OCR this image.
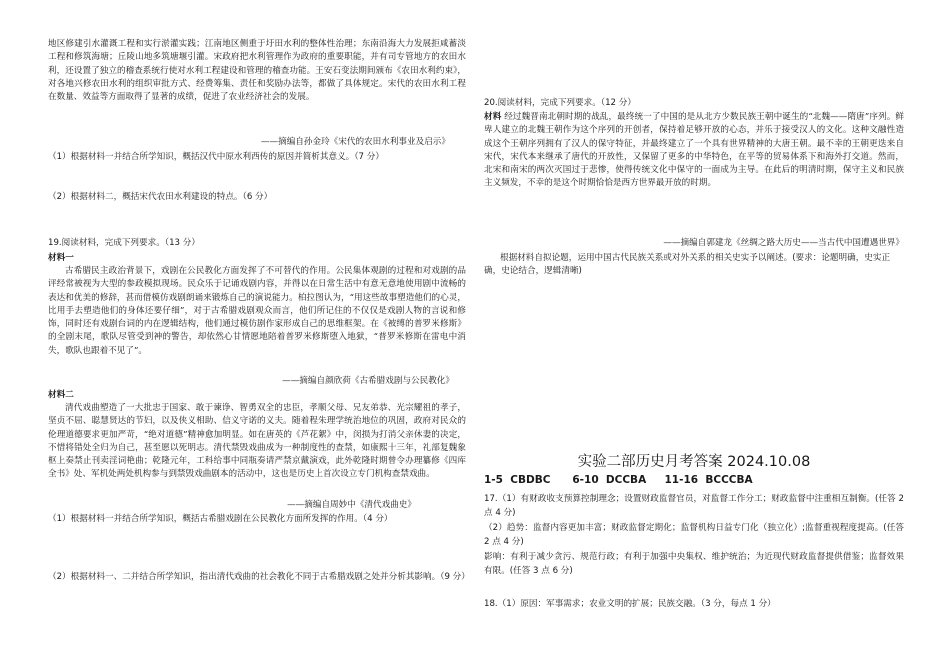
地区修建引水灌溉工程和实行淤灌实践；江南地区侧重于圩田水利的整体性治理；东南沿海大力发展拒咸蓄淡工程和修筑海塘；丘陵山地多筑塘堰引灌。宋政府把水利管理作为政府的重要职能，并有司专管地方的农田水利，还设置了独立的稽查系统行使对水利工程建设和管理的稽查功能。王安石变法期间颁布《农田水利约束》，对各地兴修农田水利的组织审批方式、经费筹集、责任和奖励办法等，都做了具体规定。宋代的农田水利工程在数量、效益等方面取得了显著的成绩，促进了农业经济社会的发展。

——摘编自孙金玲《宋代的农田水利事业及启示》

（1）根据材料一并结合所学知识，概括汉代中原水利西传的原因并简析其意义。（7 分）

（2）根据材料二，概括宋代农田水利建设的特点。（6 分）

19.阅读材料，完成下列要求。（13 分）

材料一

古希腊民主政治背景下，戏剧在公民教化方面发挥了不可替代的作用。公民集体观剧的过程和对戏剧的品评经常被视为大型的参政模拟现场。民众乐于记诵戏剧内容，并得以在日常生活中有意无意地使用剧中流畅的表达和优美的修辞，甚而借模仿戏剧朗诵来锻炼自己的演说能力。柏拉图认为，“用这些故事塑造他们的心灵，比用手去塑造他们的身体还要仔细”，对于古希腊戏剧观众而言，他们所记住的不仅仅是戏剧人物的言说和修饰，同时还有戏剧台词的内在逻辑结构，他们通过模仿剧作家形成自己的思维框架。在《被缚的普罗米修斯》的全剧末尾，歌队尽管受到神的警告，却依然心甘情愿地陪着普罗米修斯堕入地狱，“普罗米修斯在雷电中消失，歌队也跟着不见了”。

——摘编自颜欣荷《古希腊戏剧与公民教化》

材料二

清代戏曲塑造了一大批忠于国家、敢于谏诤、智勇双全的忠臣，孝顺父母、兄友弟恭、光宗耀祖的孝子，坚贞不屈、聪慧贤达的节妇，以及侠义相助、信义守诺的义夫。随着程朱理学统治地位的巩固，政府对民众的伦理道德要求更加严苛，“绝对道德”精神愈加明显。如在唐英的《芦花絮》中，闵损为打消父亲休妻的决定，不惜将错处全归为自己，甚至愿以死明志。清代禁毁戏曲成为一种制度性的查禁，如康熙十三年，礼部复魏象枢上奏禁止刊卖淫词艳曲；乾隆元年，工科给事中同瓶奏请严禁京戴演戏，此外乾隆时期曾令办理纂修《四库全书》处、军机处两处机构参与到禁毁戏曲剧本的活动中，这也是历史上首次设立专门机构查禁戏曲。

——摘编自周妙中《清代戏曲史》

（1）根据材料一并结合所学知识，概括古希腊戏剧在公民教化方面所发挥的作用。（4 分）

（2）根据材料一、二并结合所学知识，指出清代戏曲的社会教化不同于古希腊戏剧之处并分析其影响。（9 分）

20.阅读材料，完成下列要求。（12 分）

材料 经过魏晋南北朝时期的战乱，最终统一了中国的是从北方少数民族王朝中诞生的“北魏——隋唐”序列。鲜卑人建立的北魏王朝作为这个序列的开创者，保持着足够开放的心态，并乐于接受汉人的文化。这种文融性造成这个王朝序列拥有了汉人的保守特征，并最终建立了一个具有世界精神的大唐王朝。最不幸的王朝更迭来自宋代，宋代本来继承了唐代的开放性，又保留了更多的中华特色，在平等的贸易体系下和海外打交道。然而，北宋和南宋的两次灭国过于悲惨，使得传统文化中保守的一面成为主导。在此后的明清时期，保守主义和民族主义频发，不幸的是这个时期恰恰是西方世界最开放的时期。

——摘编自郭建龙《丝绸之路大历史——当古代中国遭遇世界》

根据材料自拟论题，运用中国古代民族关系或对外关系的相关史实予以阐述。(要求：论题明确，史实正确，史论结合，逻辑清晰)

实验二部历史月考答案 2024.10.08
1-5  CBDBC      6-10  DCCBA     11-16  BCCCBA

17.（1）有财政收支预算控制理念；设置财政监督官员，对监督工作分工；财政监督中注重相互制衡。(任答 2 点 4 分)

（2）趋势：监督内容更加丰富；财政监督定期化；监督机构日益专门化（独立化）;监督重视程度提高。(任答 2 点 4 分)

影响：有利于减少贪污、规范行政；有利于加强中央集权、维护统治；为近现代财政监督提供借鉴；监督效果有限。(任答 3 点 6 分)

18.（1）原因：军事需求；农业文明的扩展；民族交融。（3 分，每点 1 分）
